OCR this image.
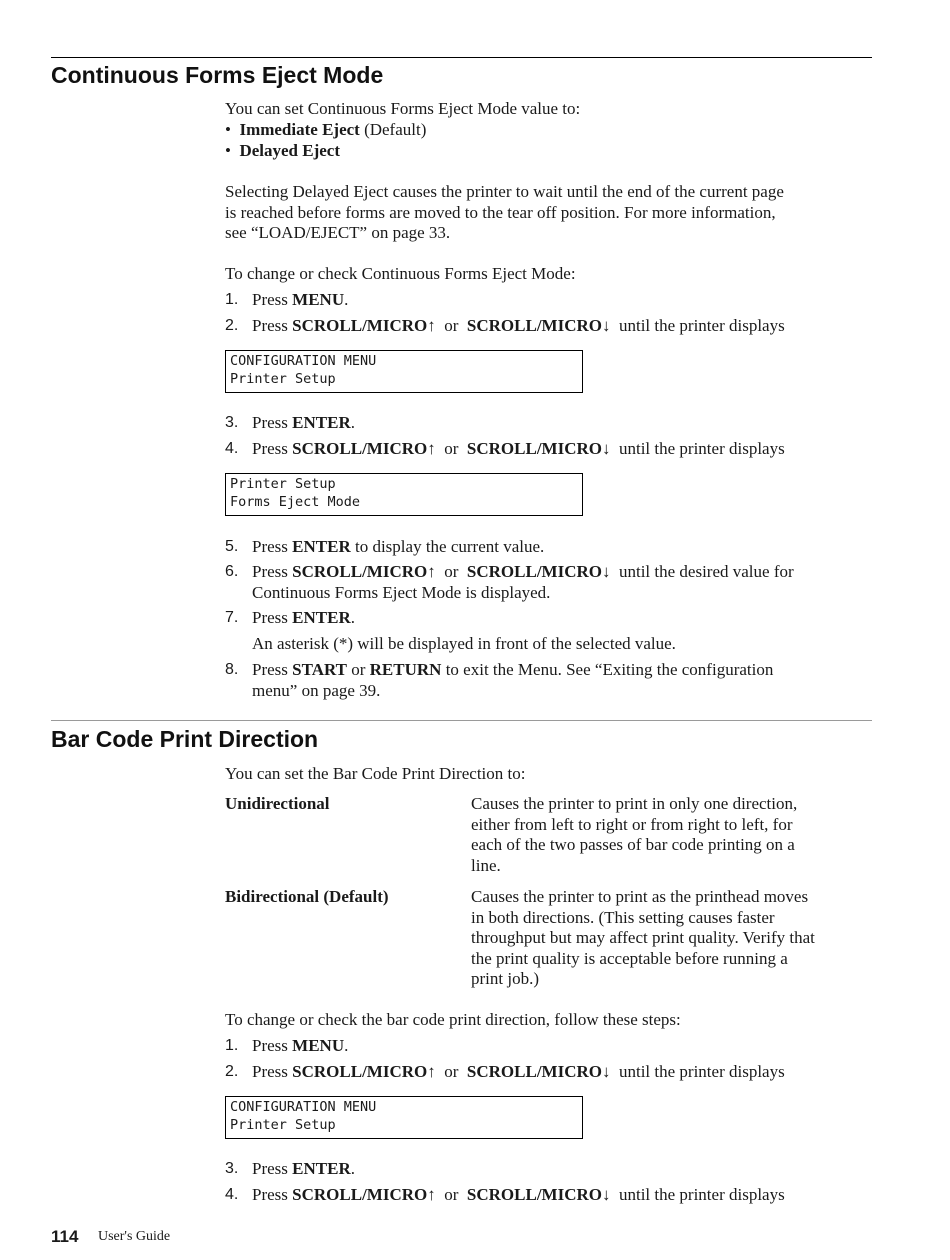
Continuous Forms Eject Mode
You can set Continuous Forms Eject Mode value to:
• Immediate Eject (Default)
• Delayed Eject
Selecting Delayed Eject causes the printer to wait until the end of the current page
is reached before forms are moved to the tear off position. For more information,
see “LOAD/EJECT” on page 33.
To change or check Continuous Forms Eject Mode:
1. Press MENU.
2. Press SCROLL/MICRO↑  or  SCROLL/MICRO↓  until the printer displays
CONFIGURATION MENU
Printer Setup
3. Press ENTER.
4. Press SCROLL/MICRO↑  or  SCROLL/MICRO↓  until the printer displays
Printer Setup
Forms Eject Mode
5. Press ENTER to display the current value.
6. Press SCROLL/MICRO↑  or  SCROLL/MICRO↓  until the desired value for
Continuous Forms Eject Mode is displayed.
7. Press ENTER.
An asterisk (*) will be displayed in front of the selected value.
8. Press START or RETURN to exit the Menu. See “Exiting the configuration
menu” on page 39.
Bar Code Print Direction
You can set the Bar Code Print Direction to:
Unidirectional	Causes the printer to print in only one direction,
either from left to right or from right to left, for
each of the two passes of bar code printing on a
line.
Bidirectional (Default)	Causes the printer to print as the printhead moves
in both directions. (This setting causes faster
throughput but may affect print quality. Verify that
the print quality is acceptable before running a
print job.)
To change or check the bar code print direction, follow these steps:
1. Press MENU.
2. Press SCROLL/MICRO↑  or  SCROLL/MICRO↓  until the printer displays
CONFIGURATION MENU
Printer Setup
3. Press ENTER.
4. Press SCROLL/MICRO↑  or  SCROLL/MICRO↓  until the printer displays
114 User's Guide
